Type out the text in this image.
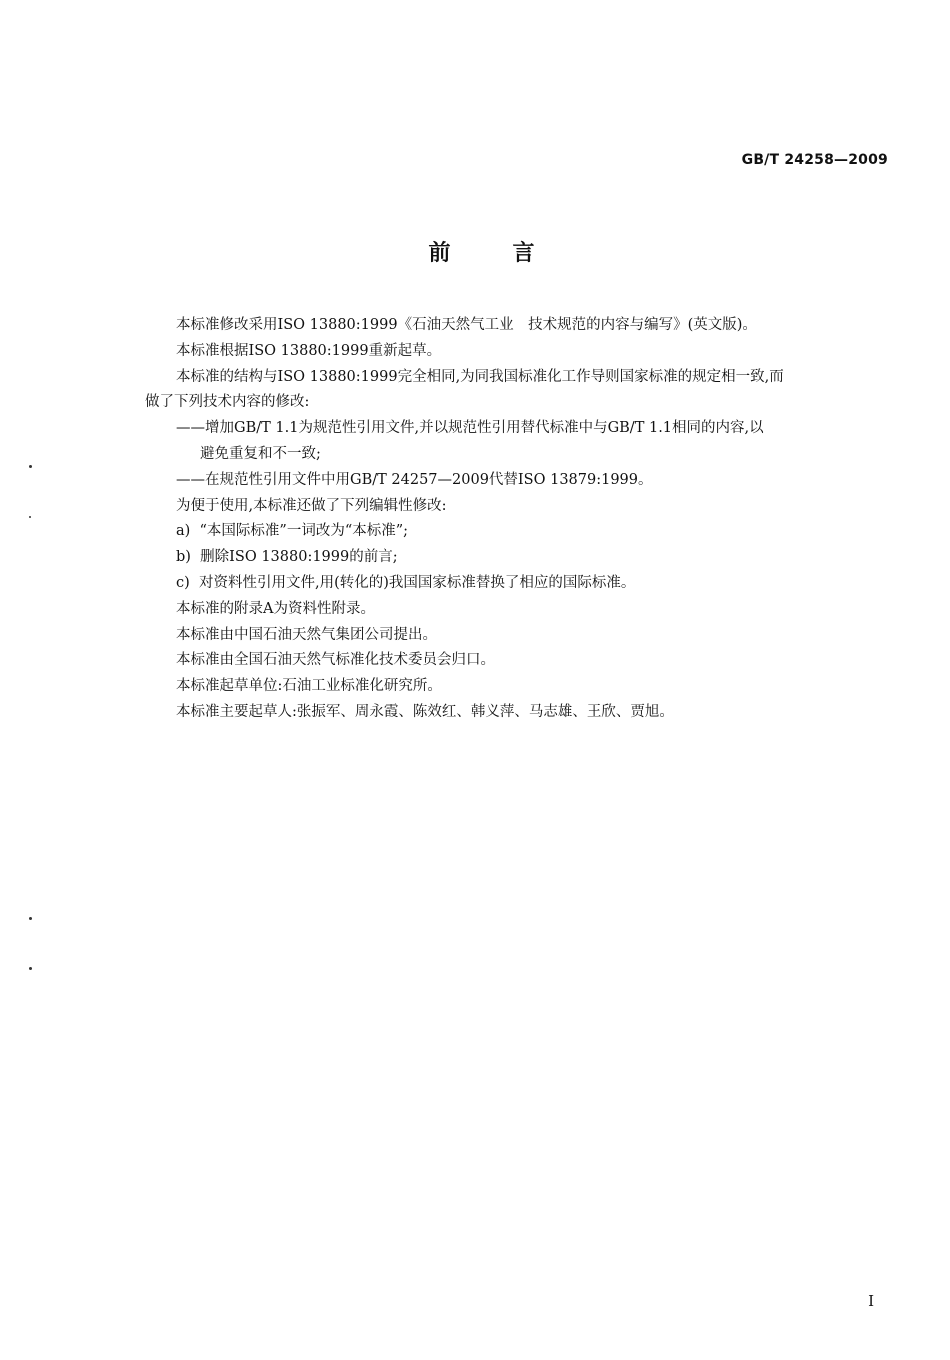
GB/T 24258—2009
前言

本标准修改采用ISO 13880:1999《石油天然气工业　技术规范的内容与编写》(英文版)。

本标准根据ISO 13880:1999重新起草。

本标准的结构与ISO 13880:1999完全相同,为同我国标准化工作导则国家标准的规定相一致,而

做了下列技术内容的修改:

——增加GB/T 1.1为规范性引用文件,并以规范性引用替代标准中与GB/T 1.1相同的内容,以

避免重复和不一致;

——在规范性引用文件中用GB/T 24257—2009代替ISO 13879:1999。

为便于使用,本标准还做了下列编辑性修改:

a)  “本国际标准”一词改为“本标准”;

b)  删除ISO 13880:1999的前言;

c)  对资料性引用文件,用(转化的)我国国家标准替换了相应的国际标准。

本标准的附录A为资料性附录。

本标准由中国石油天然气集团公司提出。

本标准由全国石油天然气标准化技术委员会归口。

本标准起草单位:石油工业标准化研究所。

本标准主要起草人:张振军、周永霞、陈效红、韩义萍、马志雄、王欣、贾旭。

I
